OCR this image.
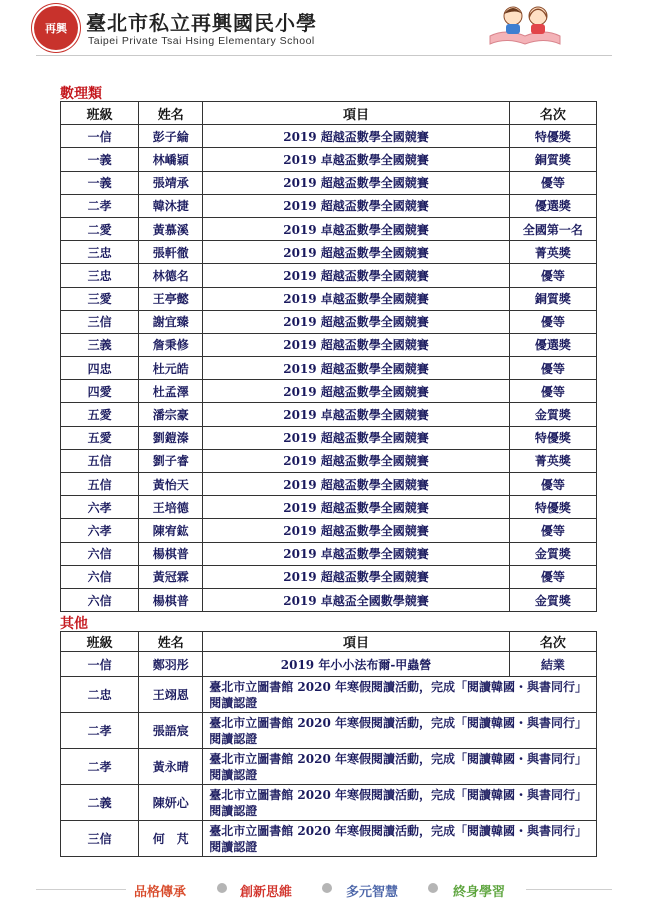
再興 臺北市私立再興國民小學
Taipei Private Tsai Hsing Elementary School
數理類
班級	姓名	項目	名次
一信	彭子綸	2019 超越盃數學全國競賽	特優獎
一義	林嶠穎	2019 卓越盃數學全國競賽	銅質獎
一義	張靖承	2019 超越盃數學全國競賽	優等
二孝	韓沐捷	2019 超越盃數學全國競賽	優選獎
二愛	黃慕溪	2019 卓越盃數學全國競賽	全國第一名
三忠	張軒徹	2019 超越盃數學全國競賽	菁英獎
三忠	林德名	2019 超越盃數學全國競賽	優等
三愛	王亭懿	2019 卓越盃數學全國競賽	銅質獎
三信	謝宜臻	2019 超越盃數學全國競賽	優等
三義	詹秉修	2019 超越盃數學全國競賽	優選獎
四忠	杜元皓	2019 超越盃數學全國競賽	優等
四愛	杜孟澤	2019 超越盃數學全國競賽	優等
五愛	潘宗豪	2019 卓越盃數學全國競賽	金質獎
五愛	劉鎧溱	2019 超越盃數學全國競賽	特優獎
五信	劉子睿	2019 超越盃數學全國競賽	菁英獎
五信	黃怡天	2019 超越盃數學全國競賽	優等
六孝	王培德	2019 超越盃數學全國競賽	特優獎
六孝	陳宥鈜	2019 超越盃數學全國競賽	優等
六信	楊棋普	2019 卓越盃數學全國競賽	金質獎
六信	黃冠霖	2019 超越盃數學全國競賽	優等
六信	楊棋普	2019 卓越盃全國數學競賽	金質獎
其他
班級	姓名	項目	名次
一信	鄭羽彤	2019 年小小法布爾-甲蟲營	結業
二忠	王翊恩	臺北市立圖書館 2020 年寒假閱讀活動，完成「閱讀韓國・與書同行」閱讀認證	
二孝	張語宸	臺北市立圖書館 2020 年寒假閱讀活動，完成「閱讀韓國・與書同行」閱讀認證	
二孝	黃永晴	臺北市立圖書館 2020 年寒假閱讀活動，完成「閱讀韓國・與書同行」閱讀認證	
二義	陳妍心	臺北市立圖書館 2020 年寒假閱讀活動，完成「閱讀韓國・與書同行」閱讀認證	
三信	何　芃	臺北市立圖書館 2020 年寒假閱讀活動，完成「閱讀韓國・與書同行」閱讀認證	
品格傳承	創新思維	多元智慧	終身學習
